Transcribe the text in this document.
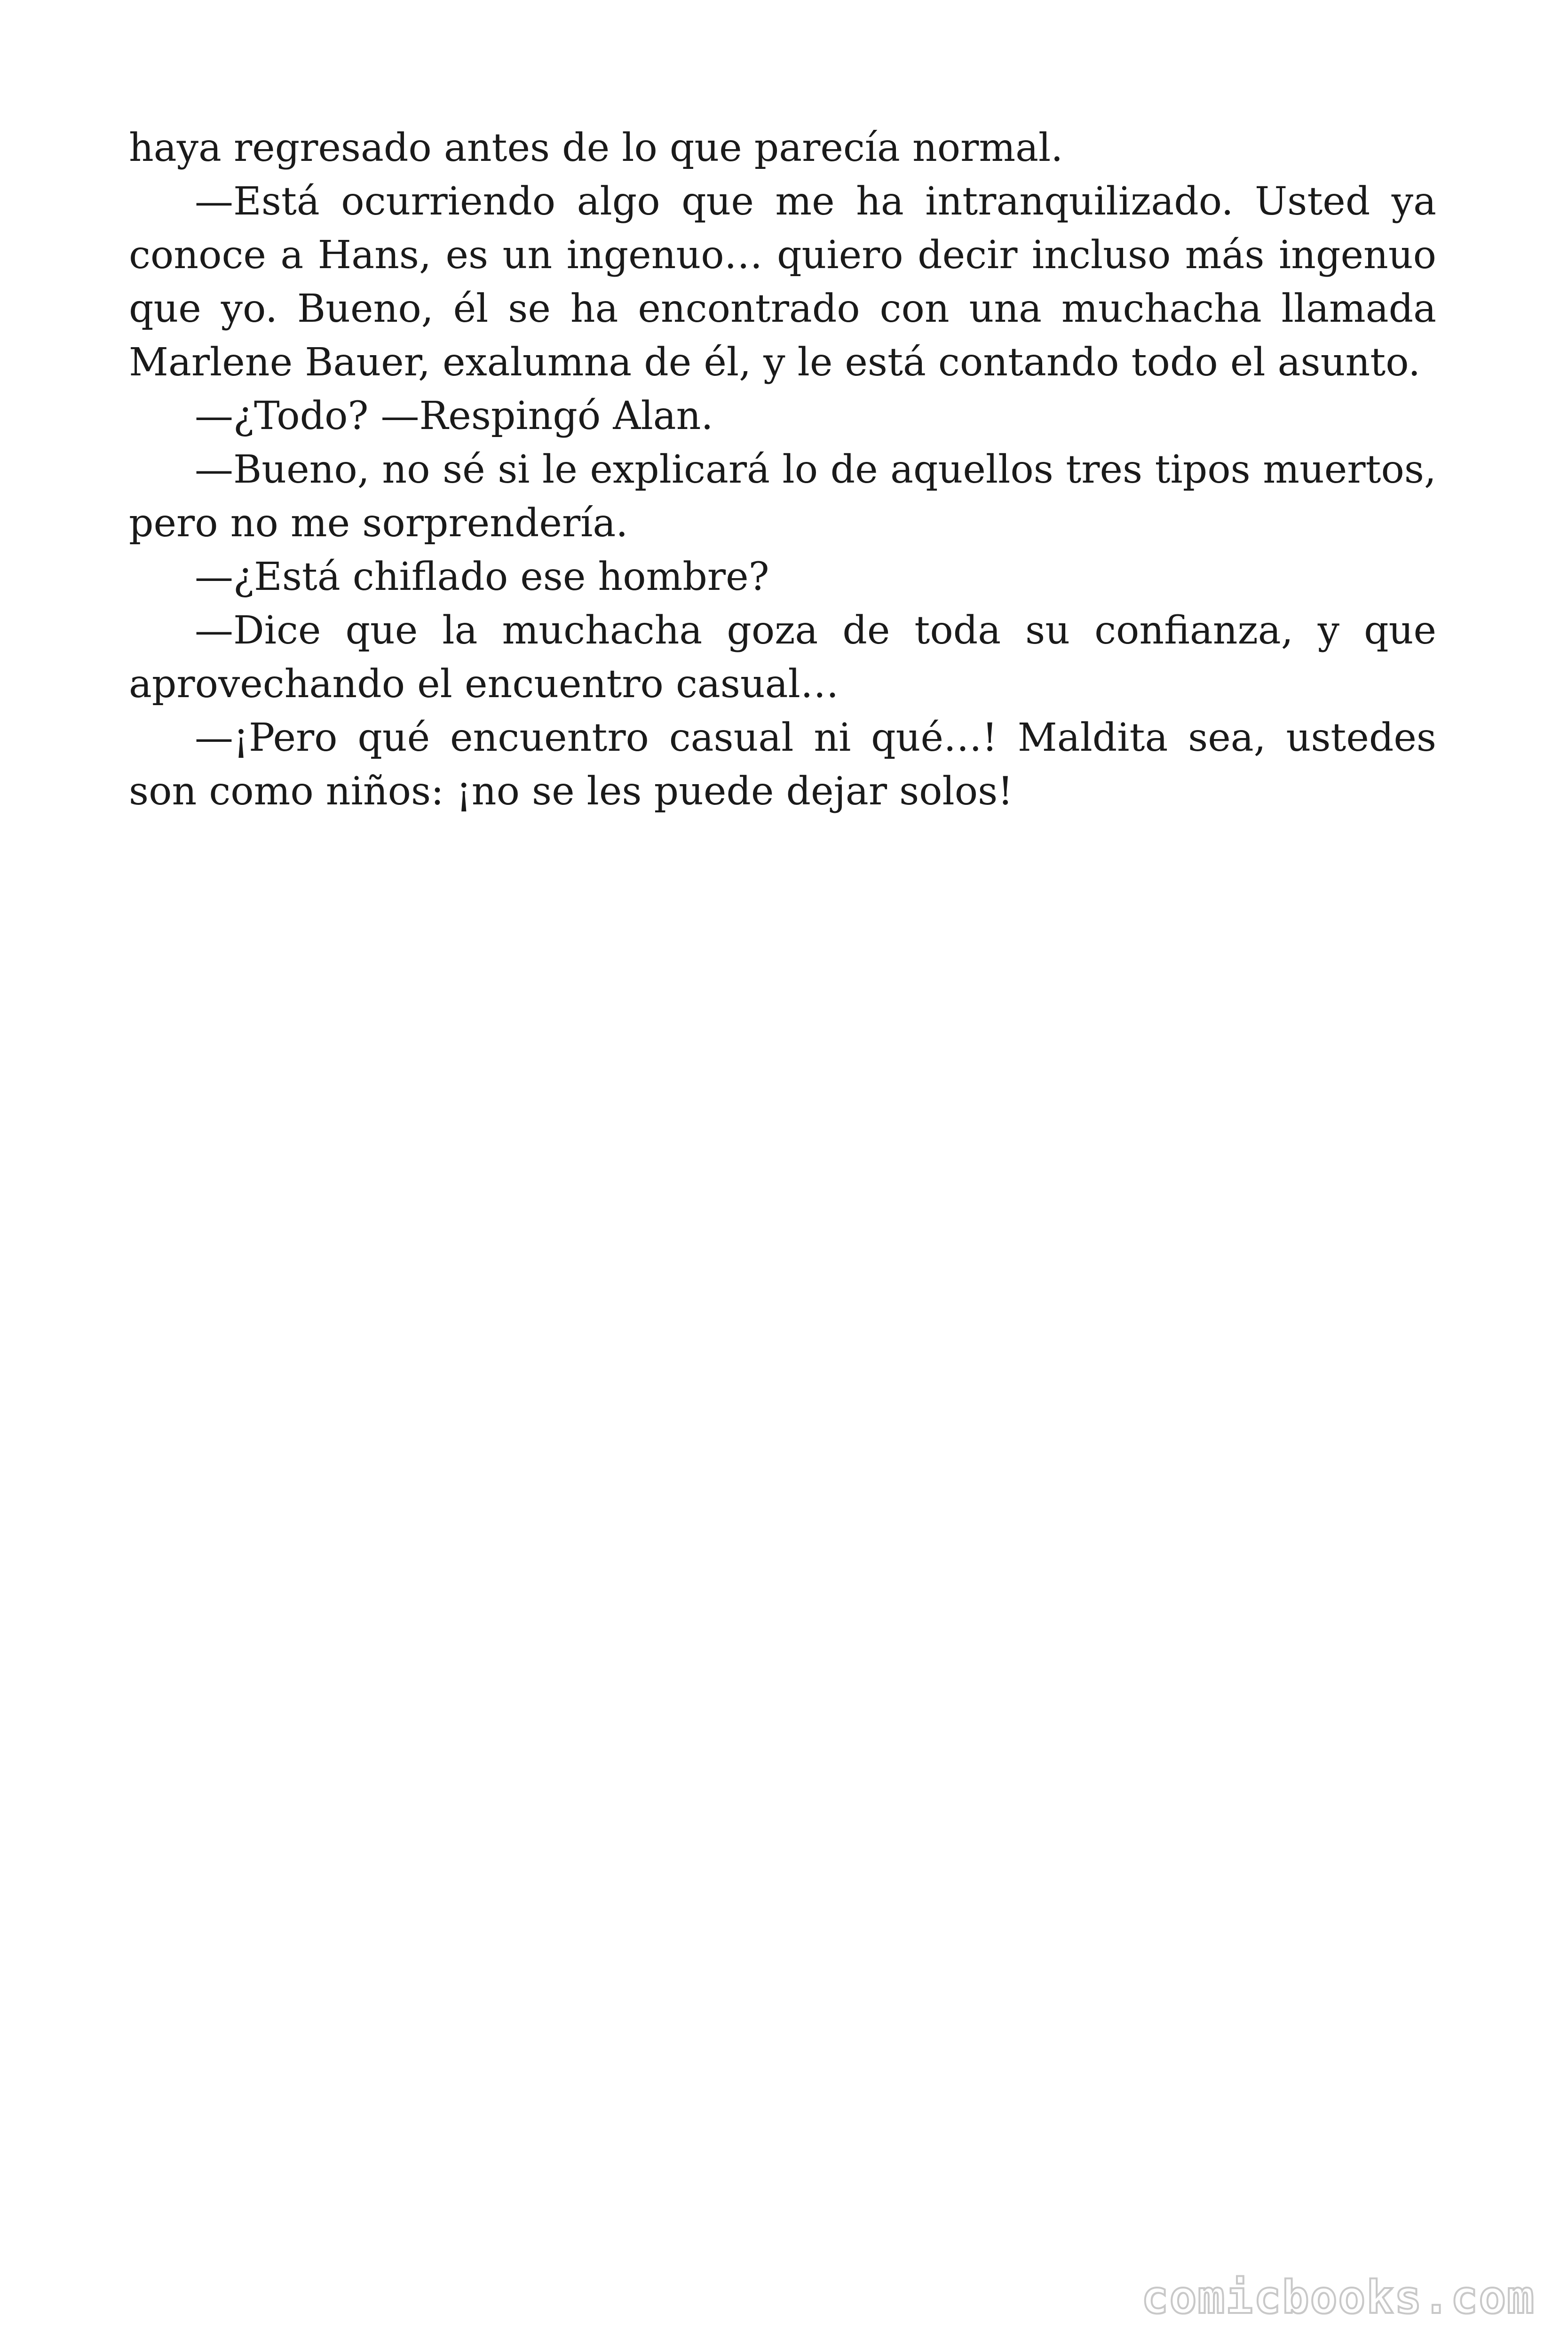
haya regresado antes de lo que parecía normal.

—Está ocurriendo algo que me ha intranquilizado. Usted ya conoce a Hans, es un ingenuo… quiero decir incluso más ingenuo que yo. Bueno, él se ha encontrado con una muchacha llamada Marlene Bauer, exalumna de él, y le está contando todo el asunto.

—¿Todo? —Respingó Alan.

—Bueno, no sé si le explicará lo de aquellos tres tipos muertos, pero no me sorprendería.

—¿Está chiflado ese hombre?

—Dice que la muchacha goza de toda su confianza, y que aprovechando el encuentro casual…

—¡Pero qué encuentro casual ni qué…! Maldita sea, ustedes son como niños: ¡no se les puede dejar solos!

comicbooks.com
